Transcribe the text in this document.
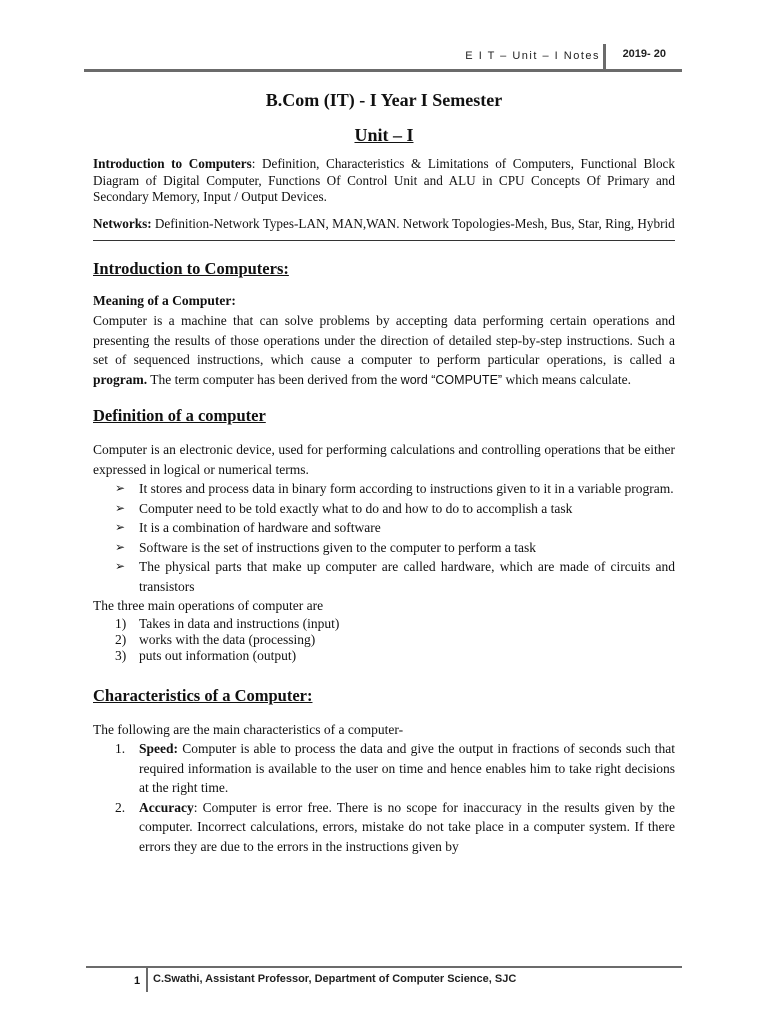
E I T – Unit – I Notes 2019- 20
B.Com (IT) - I Year I Semester
Unit – I

Introduction to Computers: Definition, Characteristics & Limitations of Computers, Functional Block Diagram of Digital Computer, Functions Of Control Unit and ALU in CPU Concepts Of Primary and Secondary Memory, Input / Output Devices.

Networks: Definition-Network Types-LAN, MAN,WAN. Network Topologies-Mesh, Bus, Star, Ring, Hybrid

Introduction to Computers:
Meaning of a Computer:

Computer is a machine that can solve problems by accepting data performing certain operations and presenting the results of those operations under the direction of detailed step-by-step instructions. Such a set of sequenced instructions, which cause a computer to perform particular operations, is called a program. The term computer has been derived from the word “COMPUTE” which means calculate.

Definition of a computer

Computer is an electronic device, used for performing calculations and controlling operations that be either expressed in logical or numerical terms.

➢ It stores and process data in binary form according to instructions given to it in a variable program.
➢ Computer need to be told exactly what to do and how to do to accomplish a task
➢ It is a combination of hardware and software
➢ Software is the set of instructions given to the computer to perform a task
➢ The physical parts that make up computer are called hardware, which are made of circuits and transistors

The three main operations of computer are

1) Takes in data and instructions (input)
2) works with the data (processing)
3) puts out information (output)
Characteristics of a Computer:

The following are the main characteristics of a computer-

1. Speed: Computer is able to process the data and give the output in fractions of seconds such that required information is available to the user on time and hence enables him to take right decisions at the right time.
2. Accuracy: Computer is error free. There is no scope for inaccuracy in the results given by the computer. Incorrect calculations, errors, mistake do not take place in a computer system. If there errors they are due to the errors in the instructions given by
1 C.Swathi, Assistant Professor, Department of Computer Science, SJC
